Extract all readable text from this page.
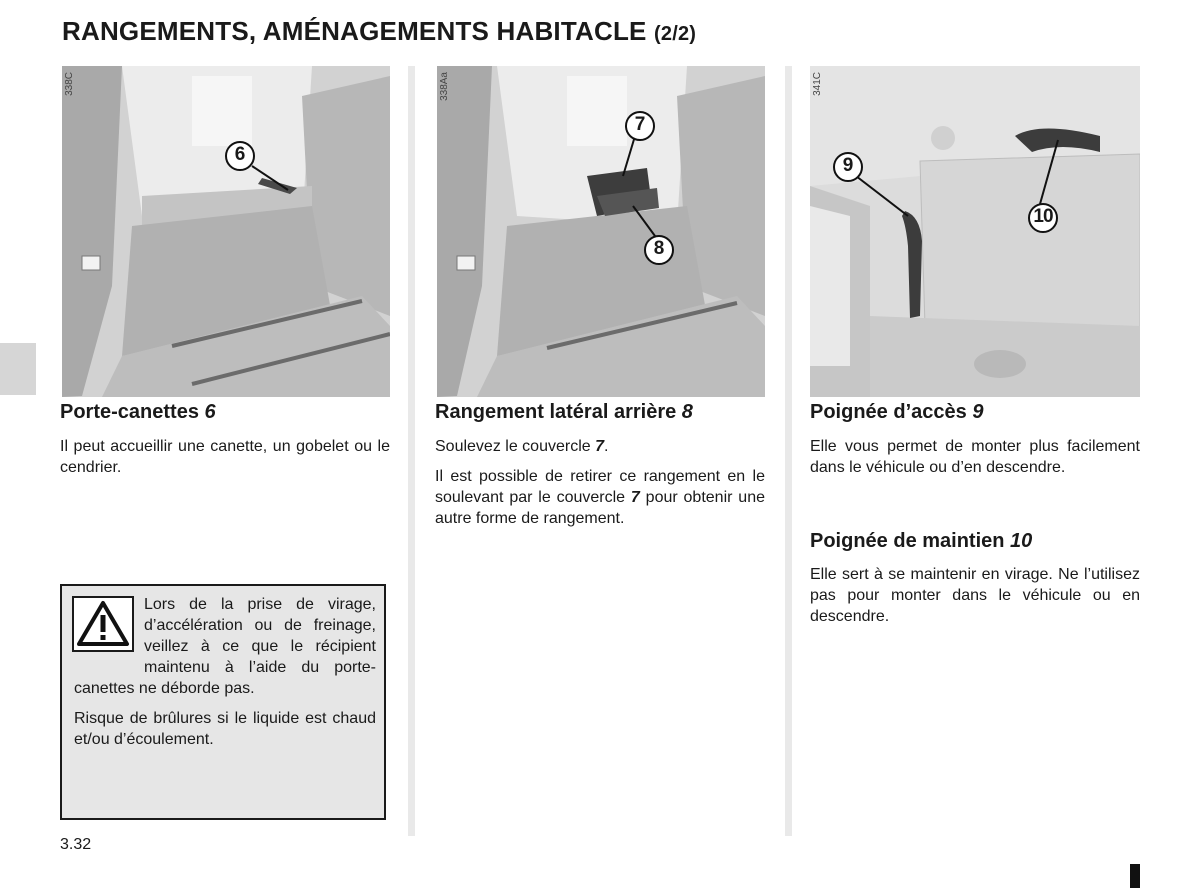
RANGEMENTS, AMÉNAGEMENTS HABITACLE (2/2)
6
338C
7
8
338Aa
9
10
341C
Porte-canettes 6

Il peut accueillir une canette, un gobelet ou le cendrier.

Rangement latéral arrière 8

Soulevez le couvercle 7.

Il est possible de retirer ce rangement en le soulevant par le couvercle 7 pour obtenir une autre forme de rangement.

Poignée d’accès 9

Elle vous permet de monter plus facilement dans le véhicule ou d’en descendre.

Poignée de maintien 10

Elle sert à se maintenir en virage. Ne l’utilisez pas pour monter dans le véhicule ou en descendre.

Lors de la prise de virage, d’accélération ou de freinage, veillez à ce que le récipient maintenu à l’aide du porte-canettes ne déborde pas.

Risque de brûlures si le liquide est chaud et/ou d’écoulement.

3.32
